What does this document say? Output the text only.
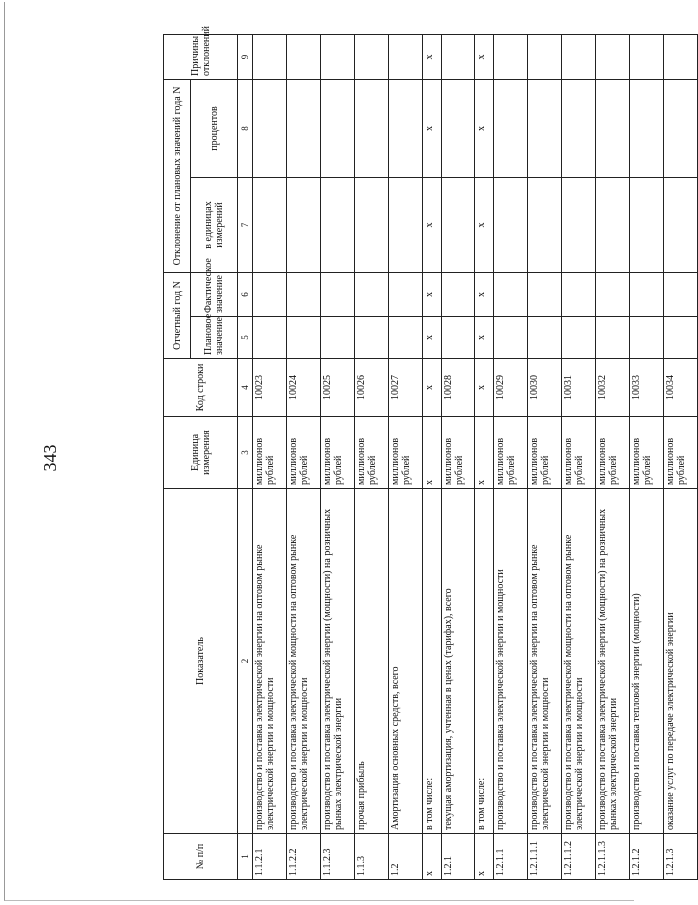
343
№ п/п	Показатель	Единица измерения	Код строки	Отчетный год N		Отклонение от плановых значений года N		Причины отклонений
				Плановое значение	Фактическое значение	в единицах измерений	процентов	
1	2	3	4	5	6	7	8	9
1.1.2.1	производство и поставка электрической энергии на оптовом рынке электрической энергии и мощности	миллионов рублей	10023					
1.1.2.2	производство и поставка электрической мощности на оптовом рынке электрической энергии и мощности	миллионов рублей	10024					
1.1.2.3	производство и поставка электрической энергии (мощности) на розничных рынках электрической энергии	миллионов рублей	10025					
1.1.3	прочая прибыль	миллионов рублей	10026					
1.2	Амортизация основных средств, всего	миллионов рублей	10027					
x	в том числе:	x	x	x	x	x	x	x
1.2.1	текущая амортизация, учтенная в ценах (тарифах), всего	миллионов рублей	10028					
x	в том числе:	x	x	x	x	x	x	x
1.2.1.1	производство и поставка электрической энергии и мощности	миллионов рублей	10029					
1.2.1.1.1	производство и поставка электрической энергии на оптовом рынке электрической энергии и мощности	миллионов рублей	10030					
1.2.1.1.2	производство и поставка электрической мощности на оптовом рынке электрической энергии и мощности	миллионов рублей	10031					
1.2.1.1.3	производство и поставка электрической энергии (мощности) на розничных рынках электрической энергии	миллионов рублей	10032					
1.2.1.2	производство и поставка тепловой энергии (мощности)	миллионов рублей	10033					
1.2.1.3	оказание услуг по передаче электрической энергии	миллионов рублей	10034					
